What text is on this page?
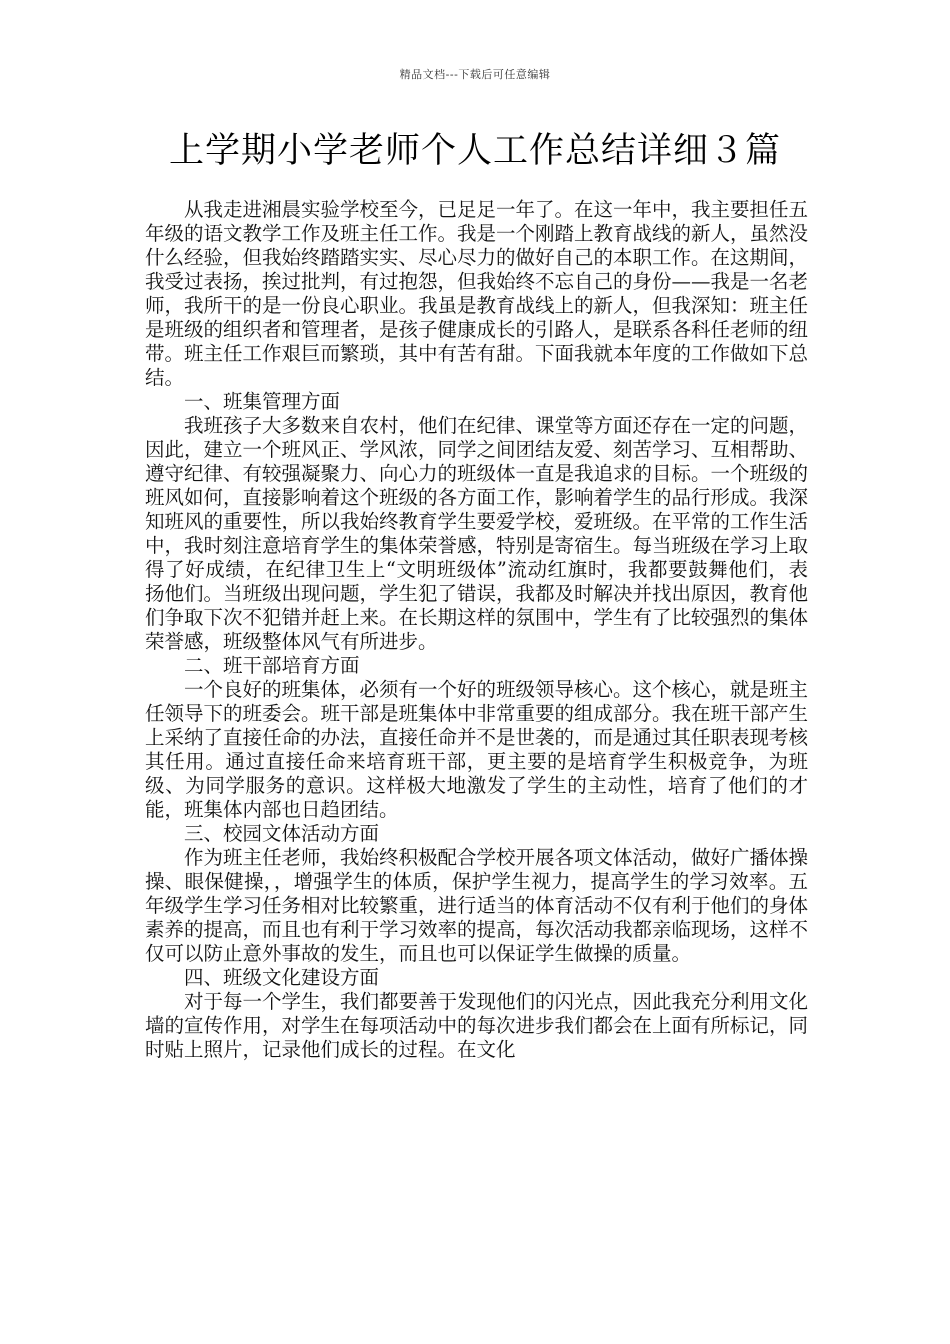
精品文档---下载后可任意编辑
上学期小学老师个人工作总结详细３篇

从我走进湘晨实验学校至今，已足足一年了。在这一年中，我主要担任五年级的语文教学工作及班主任工作。我是一个刚踏上教育战线的新人，虽然没什么经验，但我始终踏踏实实、尽心尽力的做好自己的本职工作。在这期间，我受过表扬，挨过批判，有过抱怨，但我始终不忘自己的身份——我是一名老师，我所干的是一份良心职业。我虽是教育战线上的新人，但我深知：班主任是班级的组织者和管理者，是孩子健康成长的引路人，是联系各科任老师的纽带。班主任工作艰巨而繁琐，其中有苦有甜。下面我就本年度的工作做如下总结。

一、班集管理方面

我班孩子大多数来自农村，他们在纪律、课堂等方面还存在一定的问题，因此，建立一个班风正、学风浓，同学之间团结友爱、刻苦学习、互相帮助、遵守纪律、有较强凝聚力、向心力的班级体一直是我追求的目标。一个班级的班风如何，直接影响着这个班级的各方面工作，影响着学生的品行形成。我深知班风的重要性，所以我始终教育学生要爱学校，爱班级。在平常的工作生活中，我时刻注意培育学生的集体荣誉感，特别是寄宿生。每当班级在学习上取得了好成绩，在纪律卫生上“文明班级体”流动红旗时，我都要鼓舞他们，表扬他们。当班级出现问题，学生犯了错误，我都及时解决并找出原因，教育他们争取下次不犯错并赶上来。在长期这样的氛围中，学生有了比较强烈的集体荣誉感，班级整体风气有所进步。

二、班干部培育方面

一个良好的班集体，必须有一个好的班级领导核心。这个核心，就是班主任领导下的班委会。班干部是班集体中非常重要的组成部分。我在班干部产生上采纳了直接任命的办法，直接任命并不是世袭的，而是通过其任职表现考核其任用。通过直接任命来培育班干部，更主要的是培育学生积极竞争，为班级、为同学服务的意识。这样极大地激发了学生的主动性，培育了他们的才能，班集体内部也日趋团结。

三、校园文体活动方面

作为班主任老师，我始终积极配合学校开展各项文体活动，做好广播体操操、眼保健操，，增强学生的体质，保护学生视力，提高学生的学习效率。五年级学生学习任务相对比较繁重，进行适当的体育活动不仅有利于他们的身体素养的提高，而且也有利于学习效率的提高，每次活动我都亲临现场，这样不仅可以防止意外事故的发生，而且也可以保证学生做操的质量。

四、班级文化建设方面

对于每一个学生，我们都要善于发现他们的闪光点，因此我充分利用文化墙的宣传作用，对学生在每项活动中的每次进步我们都会在上面有所标记，同时贴上照片，记录他们成长的过程。在文化
